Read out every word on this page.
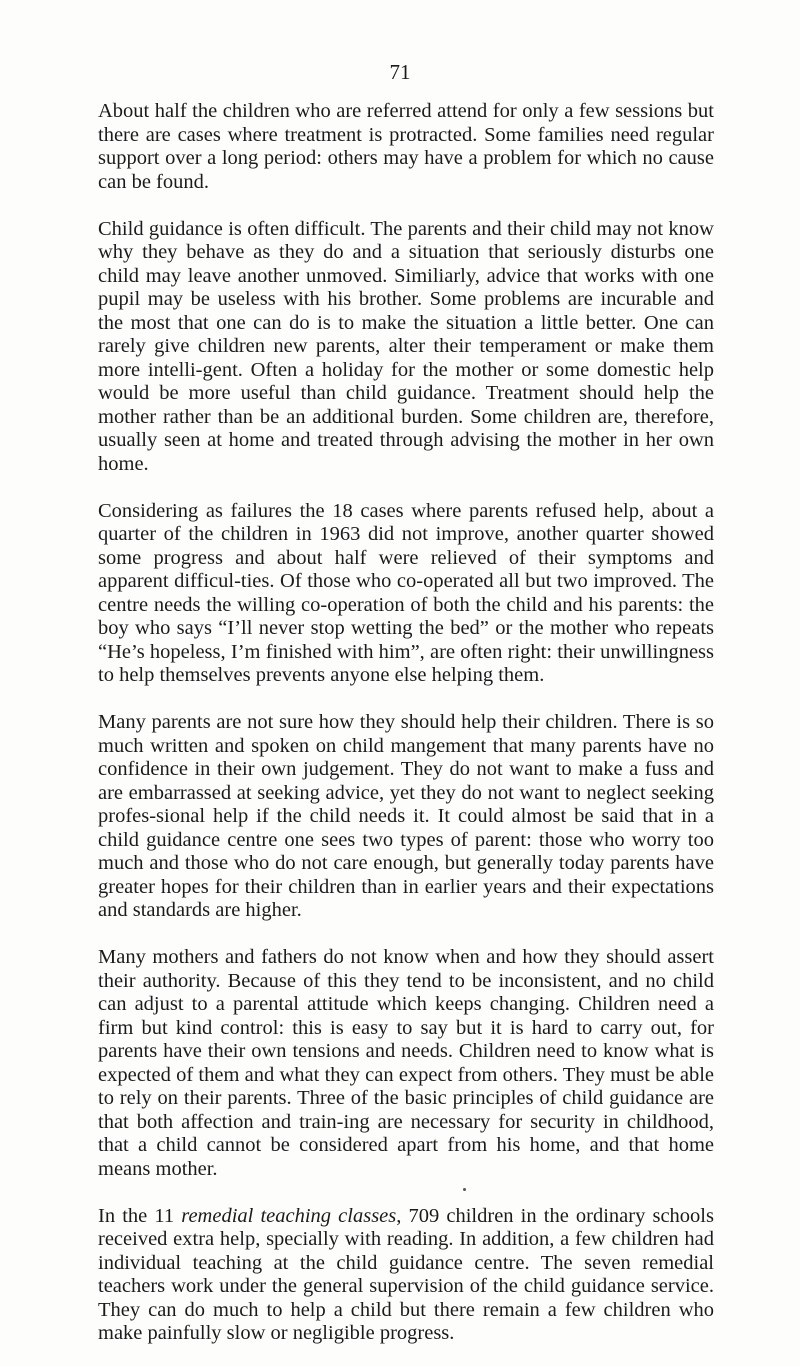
71

About half the children who are referred attend for only a few sessions but there are cases where treatment is protracted. Some families need regular support over a long period: others may have a problem for which no cause can be found.

Child guidance is often difficult. The parents and their child may not know why they behave as they do and a situation that seriously disturbs one child may leave another unmoved. Similiarly, advice that works with one pupil may be useless with his brother. Some problems are incurable and the most that one can do is to make the situation a little better. One can rarely give children new parents, alter their temperament or make them more intelli-gent. Often a holiday for the mother or some domestic help would be more useful than child guidance. Treatment should help the mother rather than be an additional burden. Some children are, therefore, usually seen at home and treated through advising the mother in her own home.

Considering as failures the 18 cases where parents refused help, about a quarter of the children in 1963 did not improve, another quarter showed some progress and about half were relieved of their symptoms and apparent difficul-ties. Of those who co-operated all but two improved. The centre needs the willing co-operation of both the child and his parents: the boy who says “I’ll never stop wetting the bed” or the mother who repeats “He’s hopeless, I’m finished with him”, are often right: their unwillingness to help themselves prevents anyone else helping them.

Many parents are not sure how they should help their children. There is so much written and spoken on child mangement that many parents have no confidence in their own judgement. They do not want to make a fuss and are embarrassed at seeking advice, yet they do not want to neglect seeking profes-sional help if the child needs it. It could almost be said that in a child guidance centre one sees two types of parent: those who worry too much and those who do not care enough, but generally today parents have greater hopes for their children than in earlier years and their expectations and standards are higher.

Many mothers and fathers do not know when and how they should assert their authority. Because of this they tend to be inconsistent, and no child can adjust to a parental attitude which keeps changing. Children need a firm but kind control: this is easy to say but it is hard to carry out, for parents have their own tensions and needs. Children need to know what is expected of them and what they can expect from others. They must be able to rely on their parents. Three of the basic principles of child guidance are that both affection and train-ing are necessary for security in childhood, that a child cannot be considered apart from his home, and that home means mother.

In the 11 remedial teaching classes, 709 children in the ordinary schools received extra help, specially with reading. In addition, a few children had individual teaching at the child guidance centre. The seven remedial teachers work under the general supervision of the child guidance service. They can do much to help a child but there remain a few children who make painfully slow or negligible progress.
